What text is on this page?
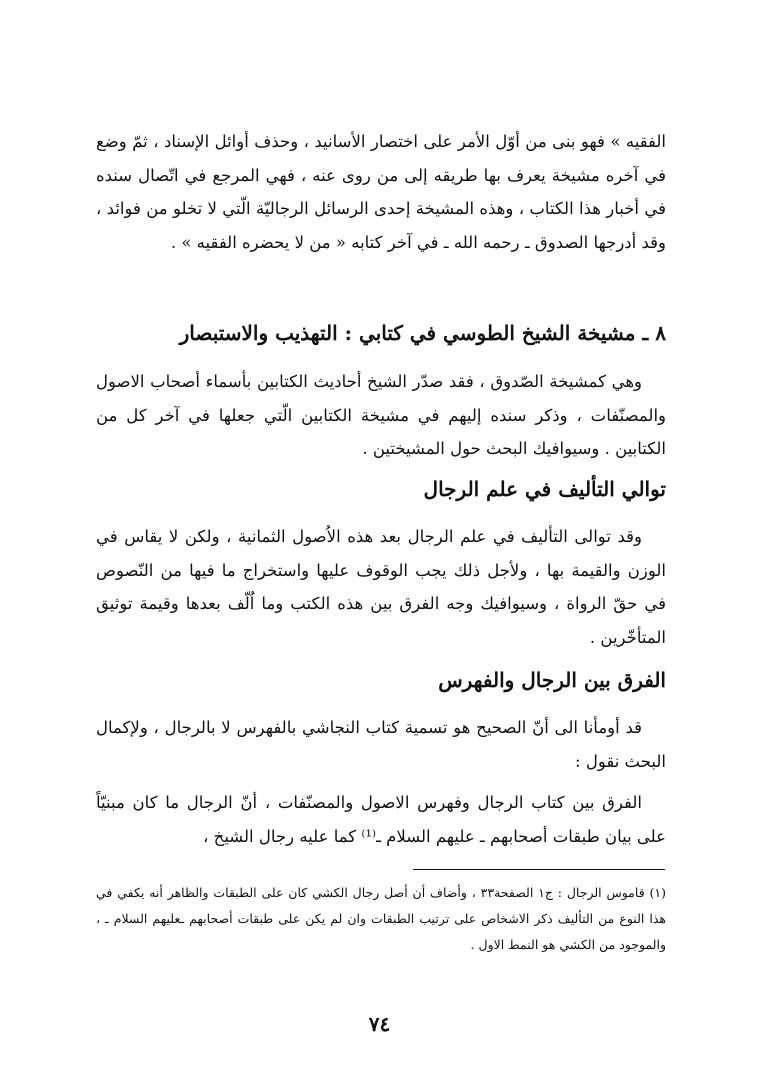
الفقيه » فهو بنى من أوّل الأمر على اختصار الأسانيد ، وحذف أوائل الإسناد ، ثمّ وضع في آخره مشيخة يعرف بها طريقه إلى من روى عنه ، فهي المرجع في اتّصال سنده في أخبار هذا الكتاب ، وهذه المشيخة إحدى الرسائل الرجاليّة الّتي لا تخلو من فوائد ، وقد أدرجها الصدوق ـ رحمه الله ـ في آخر كتابه « من لا يحضره الفقيه » .

٨ ـ مشيخة الشيخ الطوسي في كتابي : التهذيب والاستبصار

وهي كمشيخة الصّدوق ، فقد صدّر الشيخ أحاديث الكتابين بأسماء أصحاب الاصول والمصنّفات ، وذكر سنده إليهم في مشيخة الكتابين الّتي جعلها في آخر كل من الكتابين . وسيوافيك البحث حول المشيختين .

توالي التأليف في علم الرجال

وقد توالى التأليف في علم الرجال بعد هذه الاُصول الثمانية ، ولكن لا يقاس في الوزن والقيمة بها ، ولأجل ذلك يجب الوقوف عليها واستخراج ما فيها من النّصوص في حقّ الرواة ، وسيوافيك وجه الفرق بين هذه الكتب وما اُلّف بعدها وقيمة توثيق المتأخّرين .

الفرق بين الرجال والفهرس

قد أومأنا الى أنّ الصحيح هو تسمية كتاب النجاشي بالفهرس لا بالرجال ، ولإكمال البحث نقول :

الفرق بين كتاب الرجال وفهرس الاصول والمصنّفات ، أنّ الرجال ما كان مبنيّاً على بيان طبقات أصحابهم ـ عليهم السلام ـ⁽¹⁾ كما عليه رجال الشيخ ،

(١) قاموس الرجال : ج١ الصفحة٣٣ ، وأضاف أن أصل رجال الكشي كان على الطبقات والظاهر أنه يكفي في هذا النوع من التأليف ذكر الاشخاص على ترتيب الطبقات وان لم يكن على طبقات أصحابهم ـعليهم السلام ـ ، والموجود من الكشي هو النمط الاول .

٧٤
